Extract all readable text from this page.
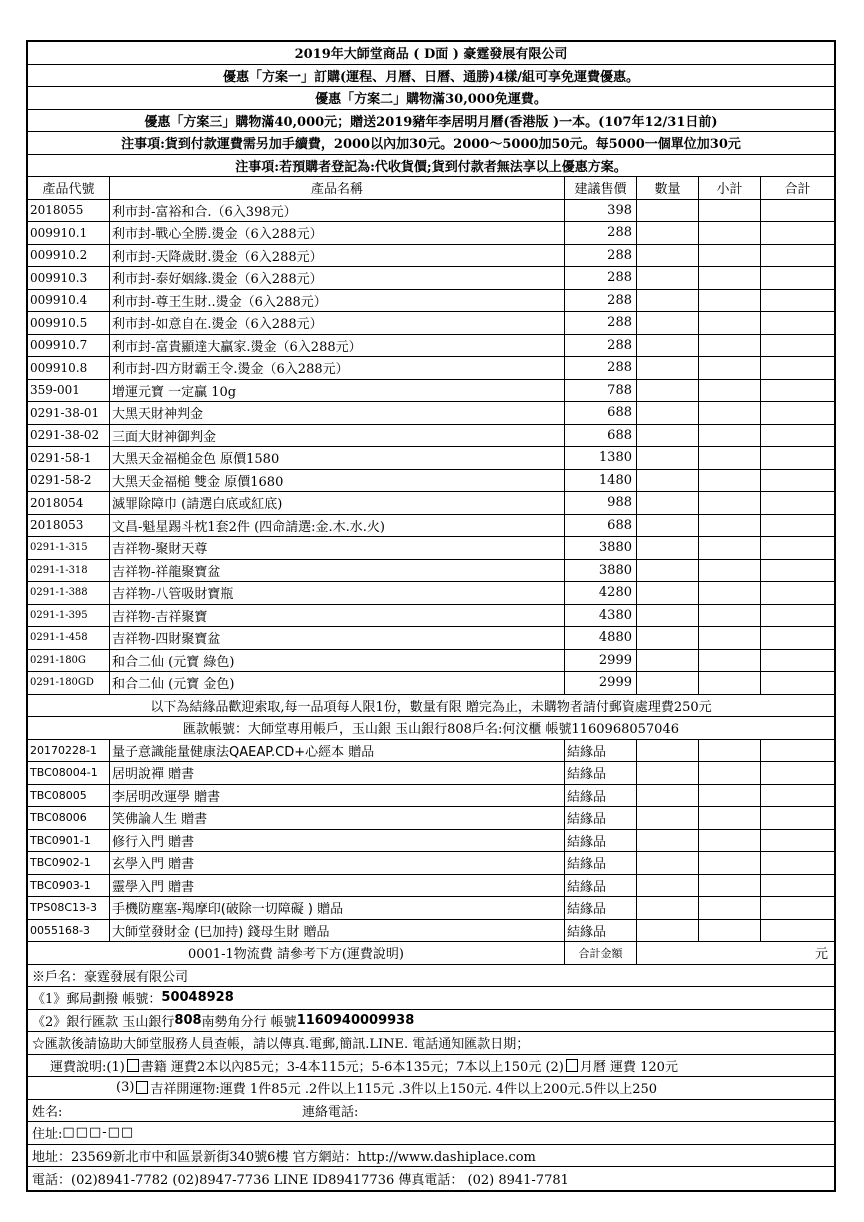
2019年大師堂商品 ( D面 ) 豪霆發展有限公司
優惠「方案一」訂購(運程、月曆、日曆、通勝)4樣/組可享免運費優惠。
優惠「方案二」購物滿30,000免運費。
優惠「方案三」購物滿40,000元；贈送2019豬年李居明月曆(香港版 )一本。(107年12/31日前)
注事項:貨到付款運費需另加手續費，2000以內加30元。2000～5000加50元。每5000一個單位加30元
注事項:若預購者登記為:代收貨價;貨到付款者無法享以上優惠方案。
產品代號	產品名稱	建議售價	數量	小計	合計
2018055	利市封-富裕和合.（6入398元）	398
009910.1	利市封-戰心全勝.燙金（6入288元）	288
009910.2	利市封-天降歲財.燙金（6入288元）	288
009910.3	利市封-泰好姻緣.燙金（6入288元）	288
009910.4	利市封-尊王生財..燙金（6入288元）	288
009910.5	利市封-如意自在.燙金（6入288元）	288
009910.7	利市封-富貴顯達大贏家.燙金（6入288元）	288
009910.8	利市封-四方財霸王令.燙金（6入288元）	288
359-001	增運元寶 一定贏 10g	788
0291-38-01 大黑天財神判金	688
0291-38-02 三面大財神御判金	688
0291-58-1	大黑天金福槌金色 原價1580	1380
0291-58-2	大黑天金福槌 雙金 原價1680	1480
2018054	滅罪除障巾 (請選白底或紅底)	988
2018053	文昌-魁星踢斗枕1套2件 (四命請選:金.木.水.火)	688
0291-1-315	吉祥物-聚財天尊	3880
0291-1-318	吉祥物-祥龍聚寶盆	3880
0291-1-388	吉祥物-八管吸財寶瓶	4280
0291-1-395	吉祥物-吉祥聚寶	4380
0291-1-458	吉祥物-四財聚寶盆	4880
0291-180G	和合二仙 (元寶 綠色)	2999
0291-180GD	和合二仙 (元寶 金色)	2999
以下為結緣品歡迎索取,每一品項每人限1份，數量有限 贈完為止，未購物者請付郵資處理費250元
匯款帳號：大師堂專用帳戶，玉山銀 玉山銀行808戶名:何汶櫃 帳號1160968057046
20170228-1	量子意識能量健康法QAEAP.CD+心經本 贈品	結緣品
TBC08004-1	居明說禪 贈書	結緣品
TBC08005	李居明改運學 贈書	結緣品
TBC08006	笑佛論人生 贈書	結緣品
TBC0901-1	修行入門 贈書	結緣品
TBC0902-1	玄學入門 贈書	結緣品
TBC0903-1	靈學入門 贈書	結緣品
TPS08C13-3	手機防塵塞-羯摩印(破除一切障礙 ) 贈品	結緣品
0055168-3	大師堂發財金 (巳加持) 錢母生財 贈品	結緣品
0001-1物流費 請參考下方(運費說明)	合計金額	元
※戶名：豪霆發展有限公司
《1》郵局劃撥 帳號： 50048928
《2》銀行匯款 玉山銀行 808 南勢角分行 帳號 1160940009938
☆匯款後請協助大師堂服務人員查帳，請以傳真.電郵,簡訊.LINE. 電話通知匯款日期；
運費說明:(1) 書籍 運費2本以內85元；3-4本115元；5-6本135元；7本以上150元 (2) 月曆 運費 120元
(3) 吉祥開運物:運費 1件85元 .2件以上115元 .3件以上150元. 4件以上200元.5件以上250
姓名:	連絡電話:
住址: □□□-□□
地址：23569新北市中和區景新街340號6樓 官方網站：http://www.dashiplace.com
電話：(02)8941-7782 (02)8947-7736 LINE ID89417736 傳真電話： (02) 8941-7781
